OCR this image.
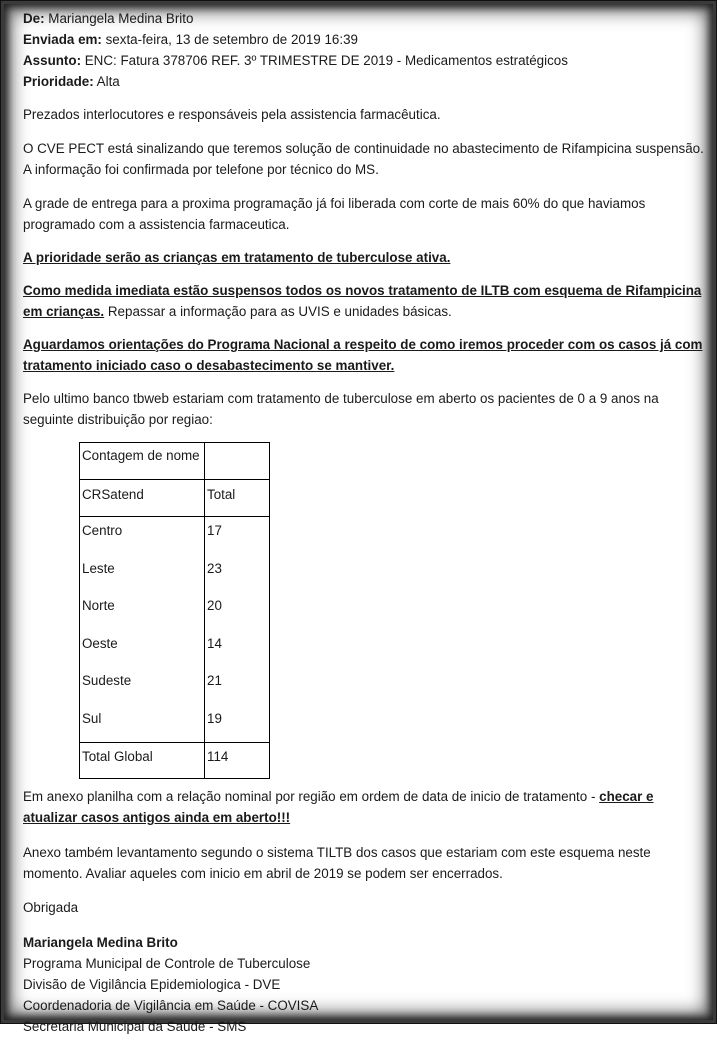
De: Mariangela Medina Brito
Enviada em: sexta-feira, 13 de setembro de 2019 16:39
Assunto: ENC: Fatura 378706 REF. 3º TRIMESTRE DE 2019 - Medicamentos estratégicos
Prioridade: Alta

Prezados interlocutores e responsáveis pela assistencia farmacêutica.

O CVE PECT está sinalizando que teremos solução de continuidade no abastecimento de Rifampicina suspensão. A informação foi confirmada por telefone por técnico do MS.

A grade de entrega para a proxima programação já foi liberada com corte de mais 60% do que haviamos programado com a assistencia farmaceutica.

A prioridade serão as crianças em tratamento de tuberculose ativa.

Como medida imediata estão suspensos todos os novos tratamento de ILTB com esquema de Rifampicina em crianças. Repassar a informação para as UVIS e unidades básicas.

Aguardamos orientações do Programa Nacional a respeito de como iremos proceder com os casos já com tratamento iniciado caso o desabastecimento se mantiver.

Pelo ultimo banco tbweb estariam com tratamento de tuberculose em aberto os pacientes de 0 a 9 anos na seguinte distribuição por regiao:

Contagem de nome	
CRSatend	Total
Centro	17
Leste	23
Norte	20
Oeste	14
Sudeste	21
Sul	19
Total Global	114

Em anexo planilha com a relação nominal por região em ordem de data de inicio de tratamento - checar e atualizar casos antigos ainda em aberto!!!

Anexo também levantamento segundo o sistema TILTB dos casos que estariam com este esquema neste momento. Avaliar aqueles com inicio em abril de 2019 se podem ser encerrados.

Obrigada

Mariangela Medina Brito
Programa Municipal de Controle de Tuberculose
Divisão de Vigilância Epidemiologica - DVE
Coordenadoria de Vigilância em Saúde - COVISA
Secretaria Municipal da Saúde - SMS
